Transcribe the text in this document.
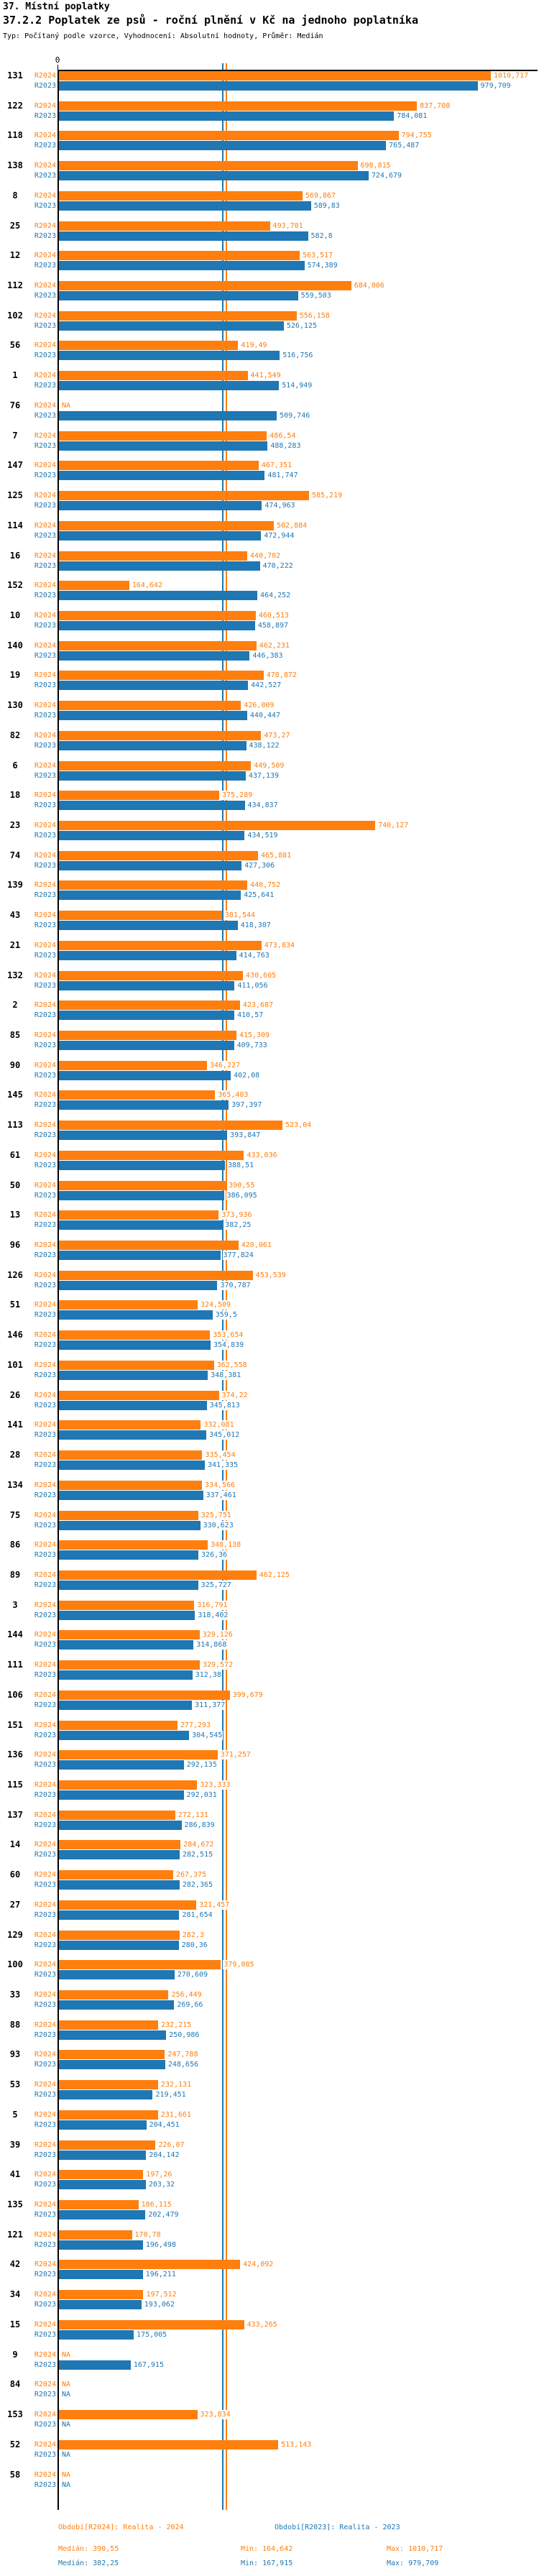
37. Místní poplatky
37.2.2 Poplatek ze psů - roční plnění v Kč na jednoho poplatníka
Typ: Počítaný podle vzorce, Vyhodnocení: Absolutní hodnoty, Průměr: Medián
0
131	R2024	1010,717
R2023	979,709
122	R2024	837,708
R2023	784,081
118	R2024	794,755
R2023	765,487
138	R2024	698,815
R2023	724,679
8	R2024	569,867
R2023	589,83
25	R2024	493,701
R2023	582,8
12	R2024	563,517
R2023	574,389
112	R2024	684,006
R2023	559,503
102	R2024	556,158
R2023	526,125
56	R2024	419,49
R2023	516,756
1	R2024	441,549
R2023	514,949
76	R2024 NA
R2023	509,746
7	R2024	486,54
R2023	488,283
147	R2024	467,351
R2023	481,747
125	R2024	585,219
R2023	474,963
114	R2024	502,884
R2023	472,944
16	R2024	440,702
R2023	470,222
152	R2024	164,642
R2023	464,252
10	R2024	460,513
R2023	458,897
140	R2024	462,231
R2023	446,383
19	R2024	478,872
R2023	442,527
130	R2024	426,009
R2023	440,447
82	R2024	473,27
R2023	438,122
6	R2024	449,509
R2023	437,139
18	R2024	375,289
R2023	434,837
23	R2024	740,127
R2023	434,519
74	R2024	465,881
R2023	427,306
139	R2024	440,752
R2023	425,641
43	R2024	381,544
R2023	418,307
21	R2024	473,834
R2023	414,763
132	R2024	430,605
R2023	411,056
2	R2024	423,687
R2023	410,57
85	R2024	415,309
R2023	409,733
90	R2024	346,227
R2023	402,08
145	R2024	365,403
R2023	397,397
113	R2024	523,04
R2023	393,847
61	R2024	433,036
R2023	388,51
50	R2024	390,55
R2023	386,095
13	R2024	373,936
R2023	382,25
96	R2024	420,061
R2023	377,824
126	R2024	453,539
R2023	370,787
51	R2024	324,509
R2023	359,5
146	R2024	353,654
R2023	354,839
101	R2024	362,558
R2023	348,381
26	R2024	374,22
R2023	345,813
141	R2024	332,081
R2023	345,012
28	R2024	335,454
R2023	341,335
134	R2024	334,566
R2023	337,461
75	R2024	325,751
R2023	330,623
86	R2024	348,138
R2023	326,36
89	R2024	462,125
R2023	325,727
3	R2024	316,791
R2023	318,402
144	R2024	329,126
R2023	314,868
111	R2024	329,572
R2023	312,38
106	R2024	399,679
R2023	311,377
151	R2024	277,293
R2023	304,545
136	R2024	371,257
R2023	292,135
115	R2024	323,333
R2023	292,031
137	R2024	272,131
R2023	286,839
14	R2024	284,672
R2023	282,515
60	R2024	267,375
R2023	282,365
27	R2024	321,457
R2023	281,654
129	R2024	282,3
R2023	280,36
100	R2024	379,085
R2023	270,609
33	R2024	256,449
R2023	269,66
88	R2024	232,215
R2023	250,986
93	R2024	247,788
R2023	248,656
53	R2024	232,131
R2023	219,451
5	R2024	231,661
R2023	204,451
39	R2024	226,07
R2023	204,142
41	R2024	197,26
R2023	203,32
135	R2024	186,115
R2023	202,479
121	R2024	170,78
R2023	196,498
42	R2024	424,092
R2023	196,211
34	R2024	197,512
R2023	193,062
15	R2024	433,265
R2023	175,005
9	R2024 NA
R2023	167,915
84	R2024 NA
R2023 NA
153	R2024	323,834
R2023 NA
52	R2024	513,143
R2023 NA
58	R2024 NA
R2023 NA
Období[R2024]: Realita - 2024	Období[R2023]: Realita - 2023
Medián: 390,55	Min: 164,642	Max: 1010,717
Medián: 382,25	Min: 167,915	Max: 979,709
